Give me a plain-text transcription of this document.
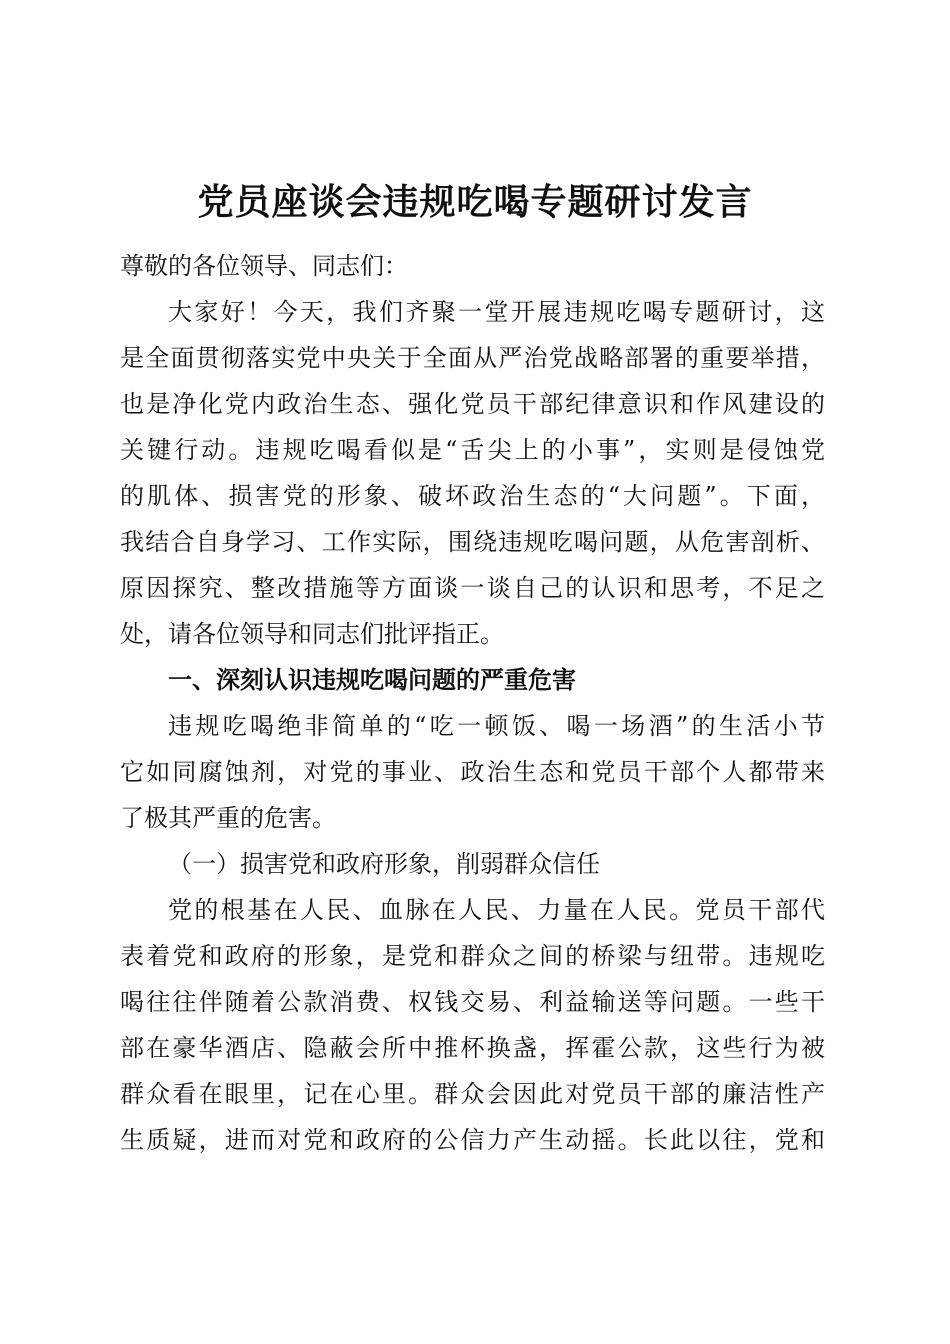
党员座谈会违规吃喝专题研讨发言
尊敬的各位领导、同志们：
大家好！今天，我们齐聚一堂开展违规吃喝专题研讨，这
是全面贯彻落实党中央关于全面从严治党战略部署的重要举措，
也是净化党内政治生态、强化党员干部纪律意识和作风建设的
关键行动。违规吃喝看似是“舌尖上的小事”，实则是侵蚀党
的肌体、损害党的形象、破坏政治生态的“大问题”。下面，
我结合自身学习、工作实际，围绕违规吃喝问题，从危害剖析、
原因探究、整改措施等方面谈一谈自己的认识和思考，不足之
处，请各位领导和同志们批评指正。
一、深刻认识违规吃喝问题的严重危害
违规吃喝绝非简单的“吃一顿饭、喝一场酒”的生活小节
它如同腐蚀剂，对党的事业、政治生态和党员干部个人都带来
了极其严重的危害。
（一）损害党和政府形象，削弱群众信任
党的根基在人民、血脉在人民、力量在人民。党员干部代
表着党和政府的形象，是党和群众之间的桥梁与纽带。违规吃
喝往往伴随着公款消费、权钱交易、利益输送等问题。一些干
部在豪华酒店、隐蔽会所中推杯换盏，挥霍公款，这些行为被
群众看在眼里，记在心里。群众会因此对党员干部的廉洁性产
生质疑，进而对党和政府的公信力产生动摇。长此以往，党和
